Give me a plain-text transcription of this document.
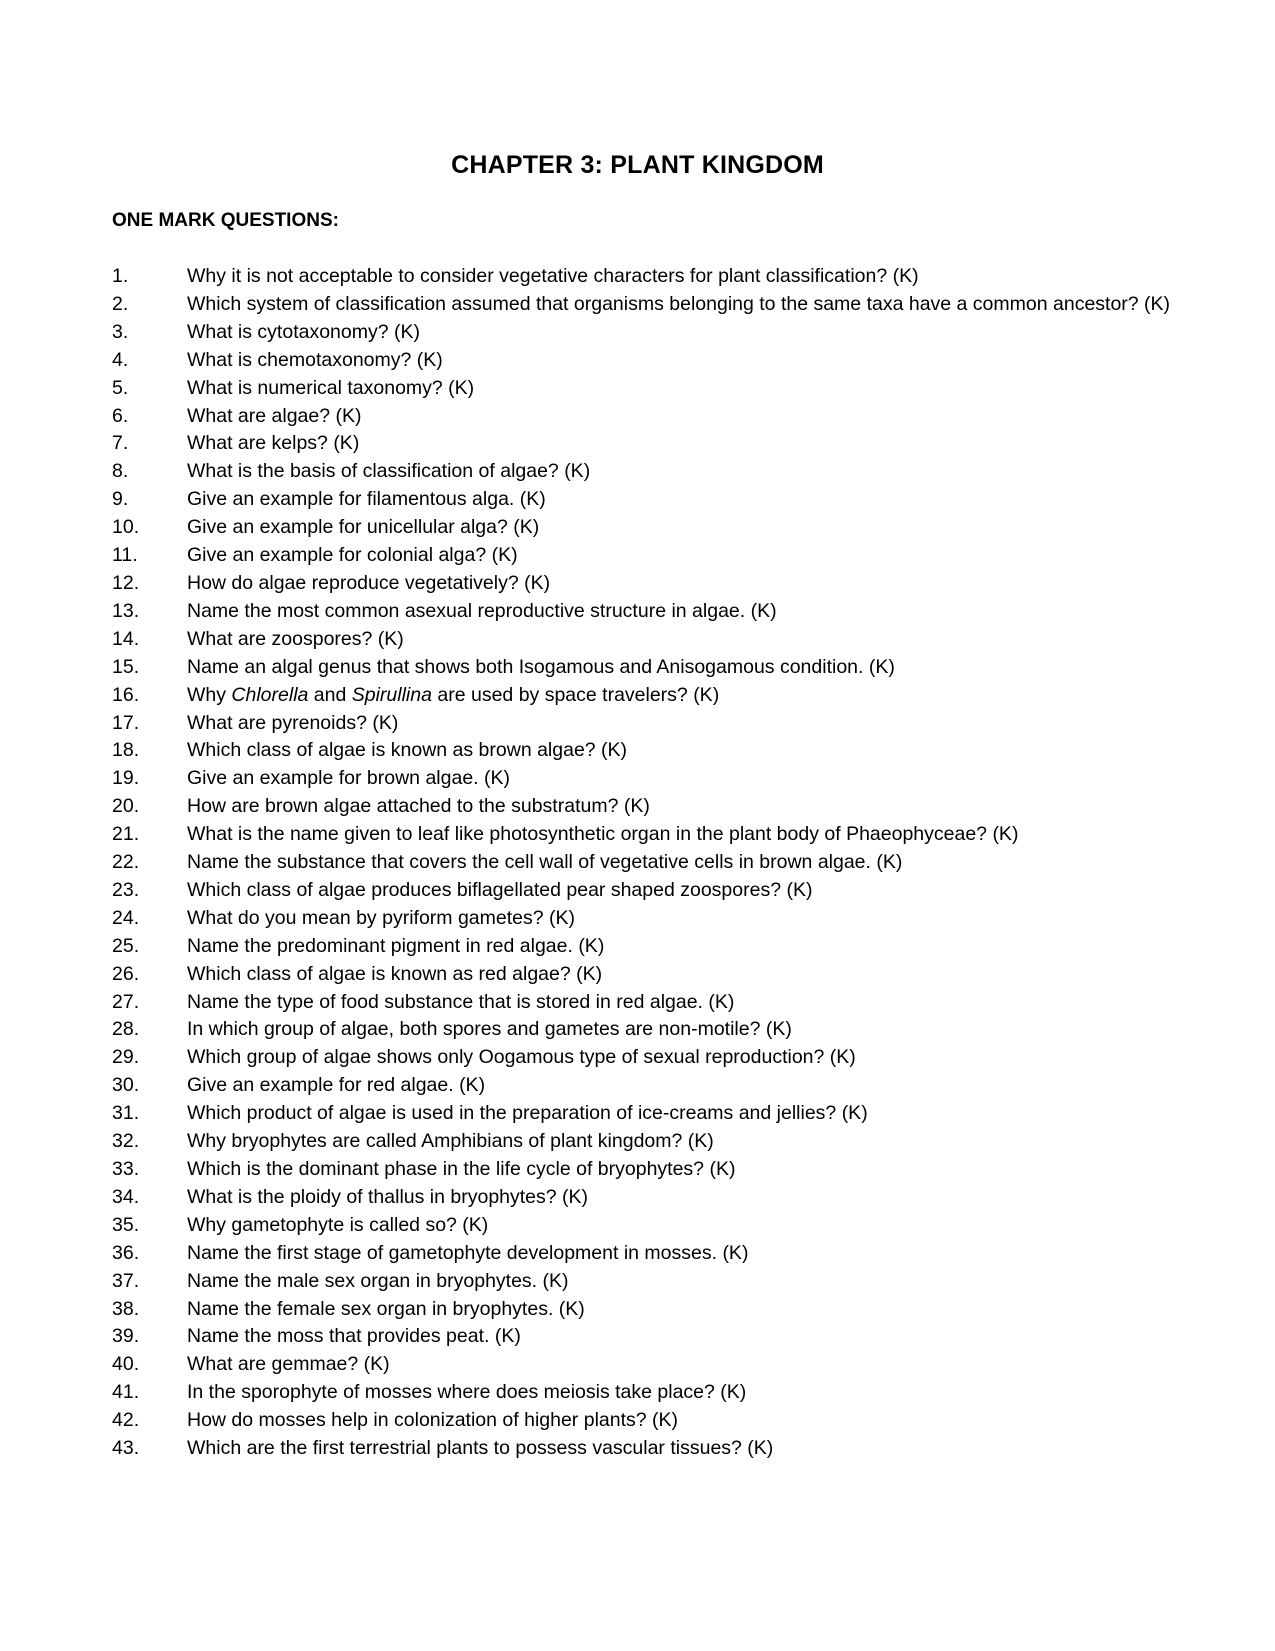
CHAPTER 3: PLANT KINGDOM
ONE MARK QUESTIONS:
1.	Why it is not acceptable to consider vegetative characters for plant classification? (K)
2.	Which system of classification assumed that organisms belonging to the same taxa have a common ancestor? (K)
3.	What is cytotaxonomy? (K)
4.	What is chemotaxonomy? (K)
5.	What is numerical taxonomy? (K)
6.	What are algae? (K)
7.	What are kelps? (K)
8.	What is the basis of classification of algae? (K)
9.	Give an example for filamentous alga. (K)
10.	Give an example for unicellular alga? (K)
11.	Give an example for colonial alga? (K)
12.	How do algae reproduce vegetatively? (K)
13.	Name the most common asexual reproductive structure in algae. (K)
14.	What are zoospores? (K)
15.	Name an algal genus that shows both Isogamous and Anisogamous condition. (K)
16.	Why Chlorella and Spirullina are used by space travelers? (K)
17.	What are pyrenoids? (K)
18.	Which class of algae is known as brown algae? (K)
19.	Give an example for brown algae. (K)
20.	How are brown algae attached to the substratum? (K)
21.	What is the name given to leaf like photosynthetic organ in the plant body of Phaeophyceae? (K)
22.	Name the substance that covers the cell wall of vegetative cells in brown algae. (K)
23.	Which class of algae produces biflagellated pear shaped zoospores? (K)
24.	What do you mean by pyriform gametes? (K)
25.	Name the predominant pigment in red algae. (K)
26.	Which class of algae is known as red algae? (K)
27.	Name the type of food substance that is stored in red algae. (K)
28.	In which group of algae, both spores and gametes are non-motile? (K)
29.	Which group of algae shows only Oogamous type of sexual reproduction? (K)
30.	Give an example for red algae. (K)
31.	Which product of algae is used in the preparation of ice-creams and jellies? (K)
32.	Why bryophytes are called Amphibians of plant kingdom? (K)
33.	Which is the dominant phase in the life cycle of bryophytes? (K)
34.	What is the ploidy of thallus in bryophytes? (K)
35.	Why gametophyte is called so? (K)
36.	Name the first stage of gametophyte development in mosses. (K)
37.	Name the male sex organ in bryophytes. (K)
38.	Name the female sex organ in bryophytes. (K)
39.	Name the moss that provides peat. (K)
40.	What are gemmae? (K)
41.	In the sporophyte of mosses where does meiosis take place? (K)
42.	How do mosses help in colonization of higher plants? (K)
43.	Which are the first terrestrial plants to possess vascular tissues? (K)
